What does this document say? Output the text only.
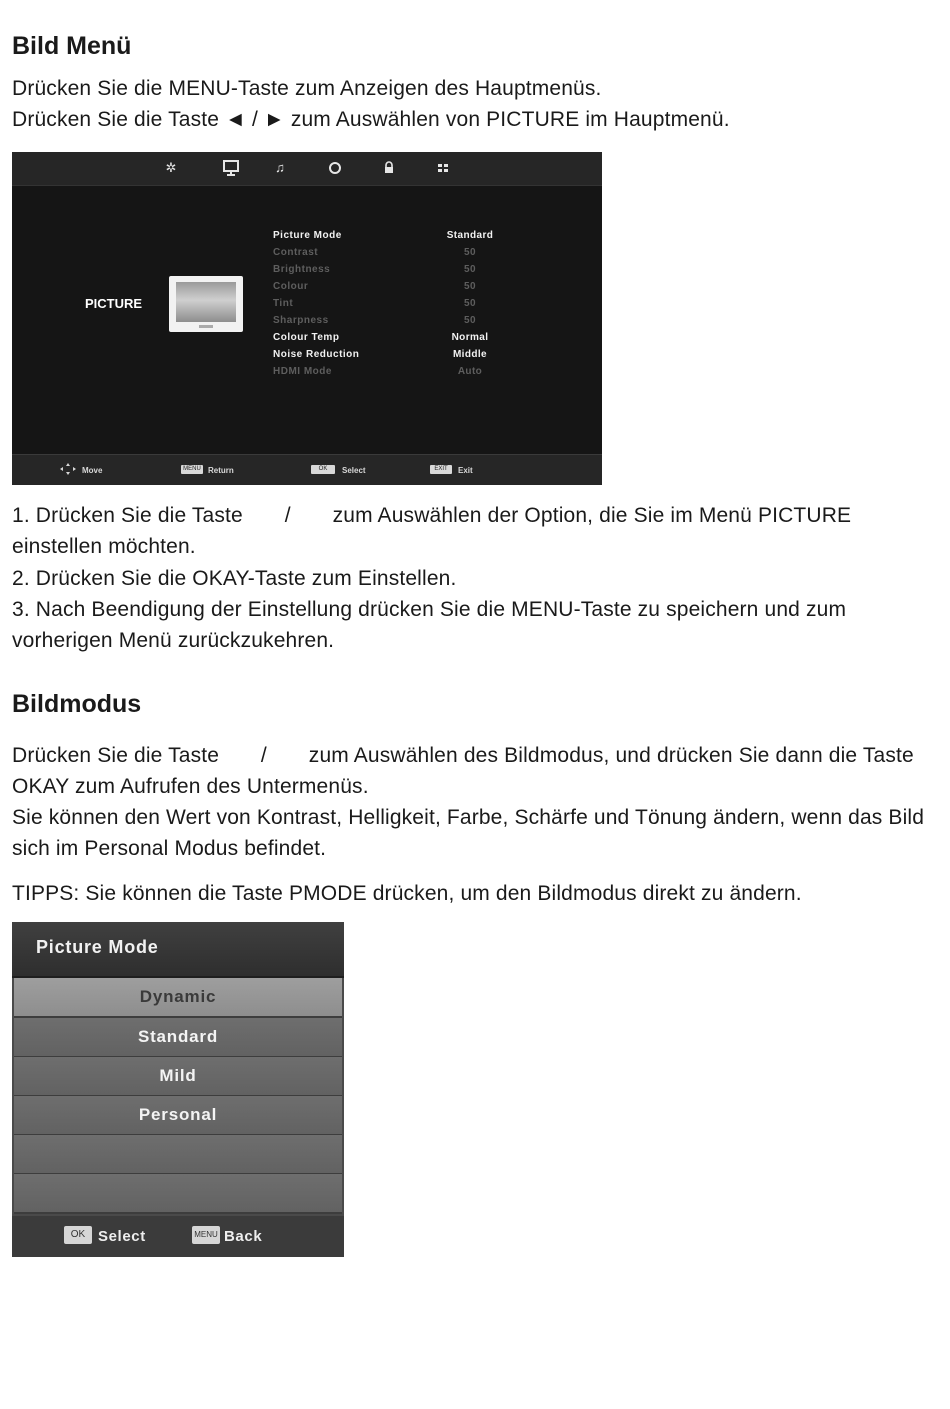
Bild Menü

Drücken Sie die MENU-Taste zum Anzeigen des Hauptmenüs.

Drücken Sie die Taste ◄ / ► zum Auswählen von PICTURE im Hauptmenü.

✲	♫
PICTURE
Picture Mode	Standard
Contrast	50
Brightness	50
Colour	50
Tint	50
Sharpness	50
Colour Temp	Normal
Noise Reduction	Middle
HDMI Mode	Auto
Move	MENU Return	OK	Select	EXIT	Exit

1. Drücken Sie die Taste       /       zum Auswählen der Option, die Sie im Menü PICTURE einstellen möchten.

2. Drücken Sie die OKAY-Taste zum Einstellen.

3. Nach Beendigung der Einstellung drücken Sie die MENU-Taste zu speichern und zum vorherigen Menü zurückzukehren.

Bildmodus

Drücken Sie die Taste       /       zum Auswählen des Bildmodus, und drücken Sie dann die Taste OKAY zum Aufrufen des Untermenüs.

Sie können den Wert von Kontrast, Helligkeit, Farbe, Schärfe und Tönung ändern, wenn das Bild sich im Personal Modus befindet.

TIPPS: Sie können die Taste PMODE drücken, um den Bildmodus direkt zu ändern.

Picture Mode
Dynamic
Standard
Mild
Personal
OK Select	MENU Back
